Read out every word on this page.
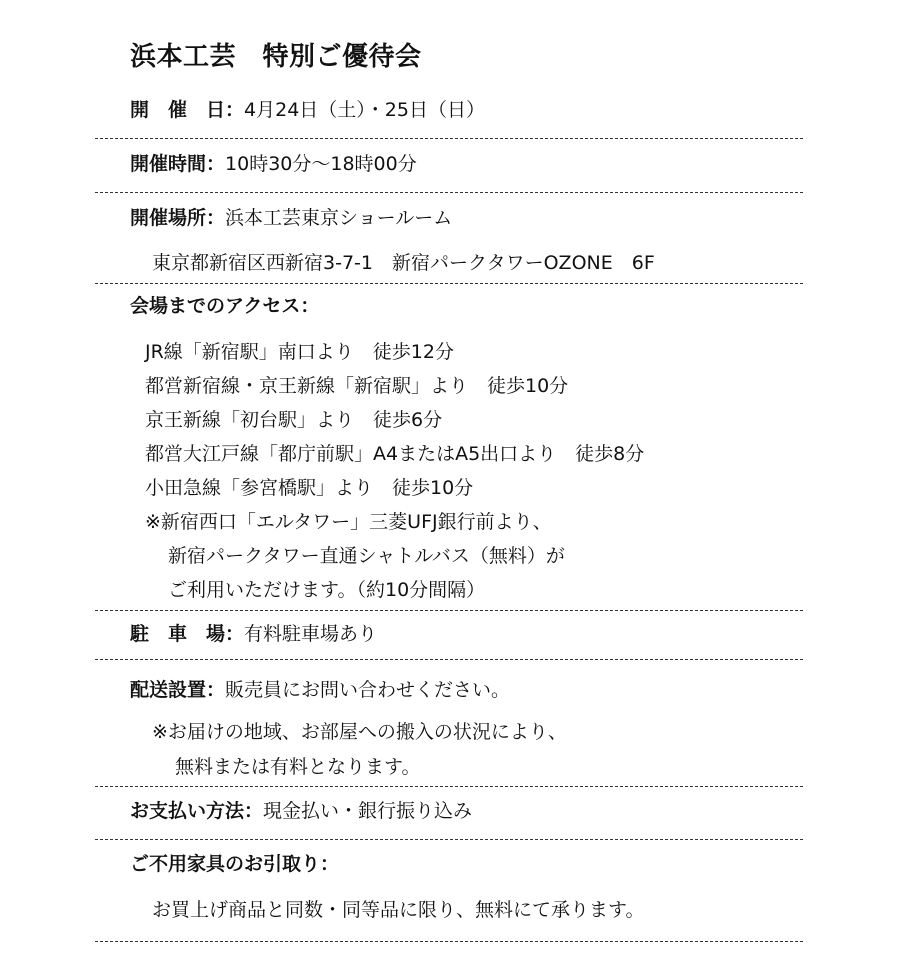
浜本工芸　特別ご優待会
開　催　日：4月24日（土）・25日（日）
開催時間：10時30分～18時00分
開催場所：浜本工芸東京ショールーム
東京都新宿区西新宿3-7-1　新宿パークタワーOZONE　6F
会場までのアクセス：
JR線「新宿駅」南口より　徒歩12分
都営新宿線・京王新線「新宿駅」より　徒歩10分
京王新線「初台駅」より　徒歩6分
都営大江戸線「都庁前駅」A4またはA5出口より　徒歩8分
小田急線「参宮橋駅」より　徒歩10分
※新宿西口「エルタワー」三菱UFJ銀行前より、
新宿パークタワー直通シャトルバス（無料）が
ご利用いただけます。（約10分間隔）
駐　車　場：有料駐車場あり
配送設置：販売員にお問い合わせください。
※お届けの地域、お部屋への搬入の状況により、
無料または有料となります。
お支払い方法：現金払い・銀行振り込み
ご不用家具のお引取り：
お買上げ商品と同数・同等品に限り、無料にて承ります。
